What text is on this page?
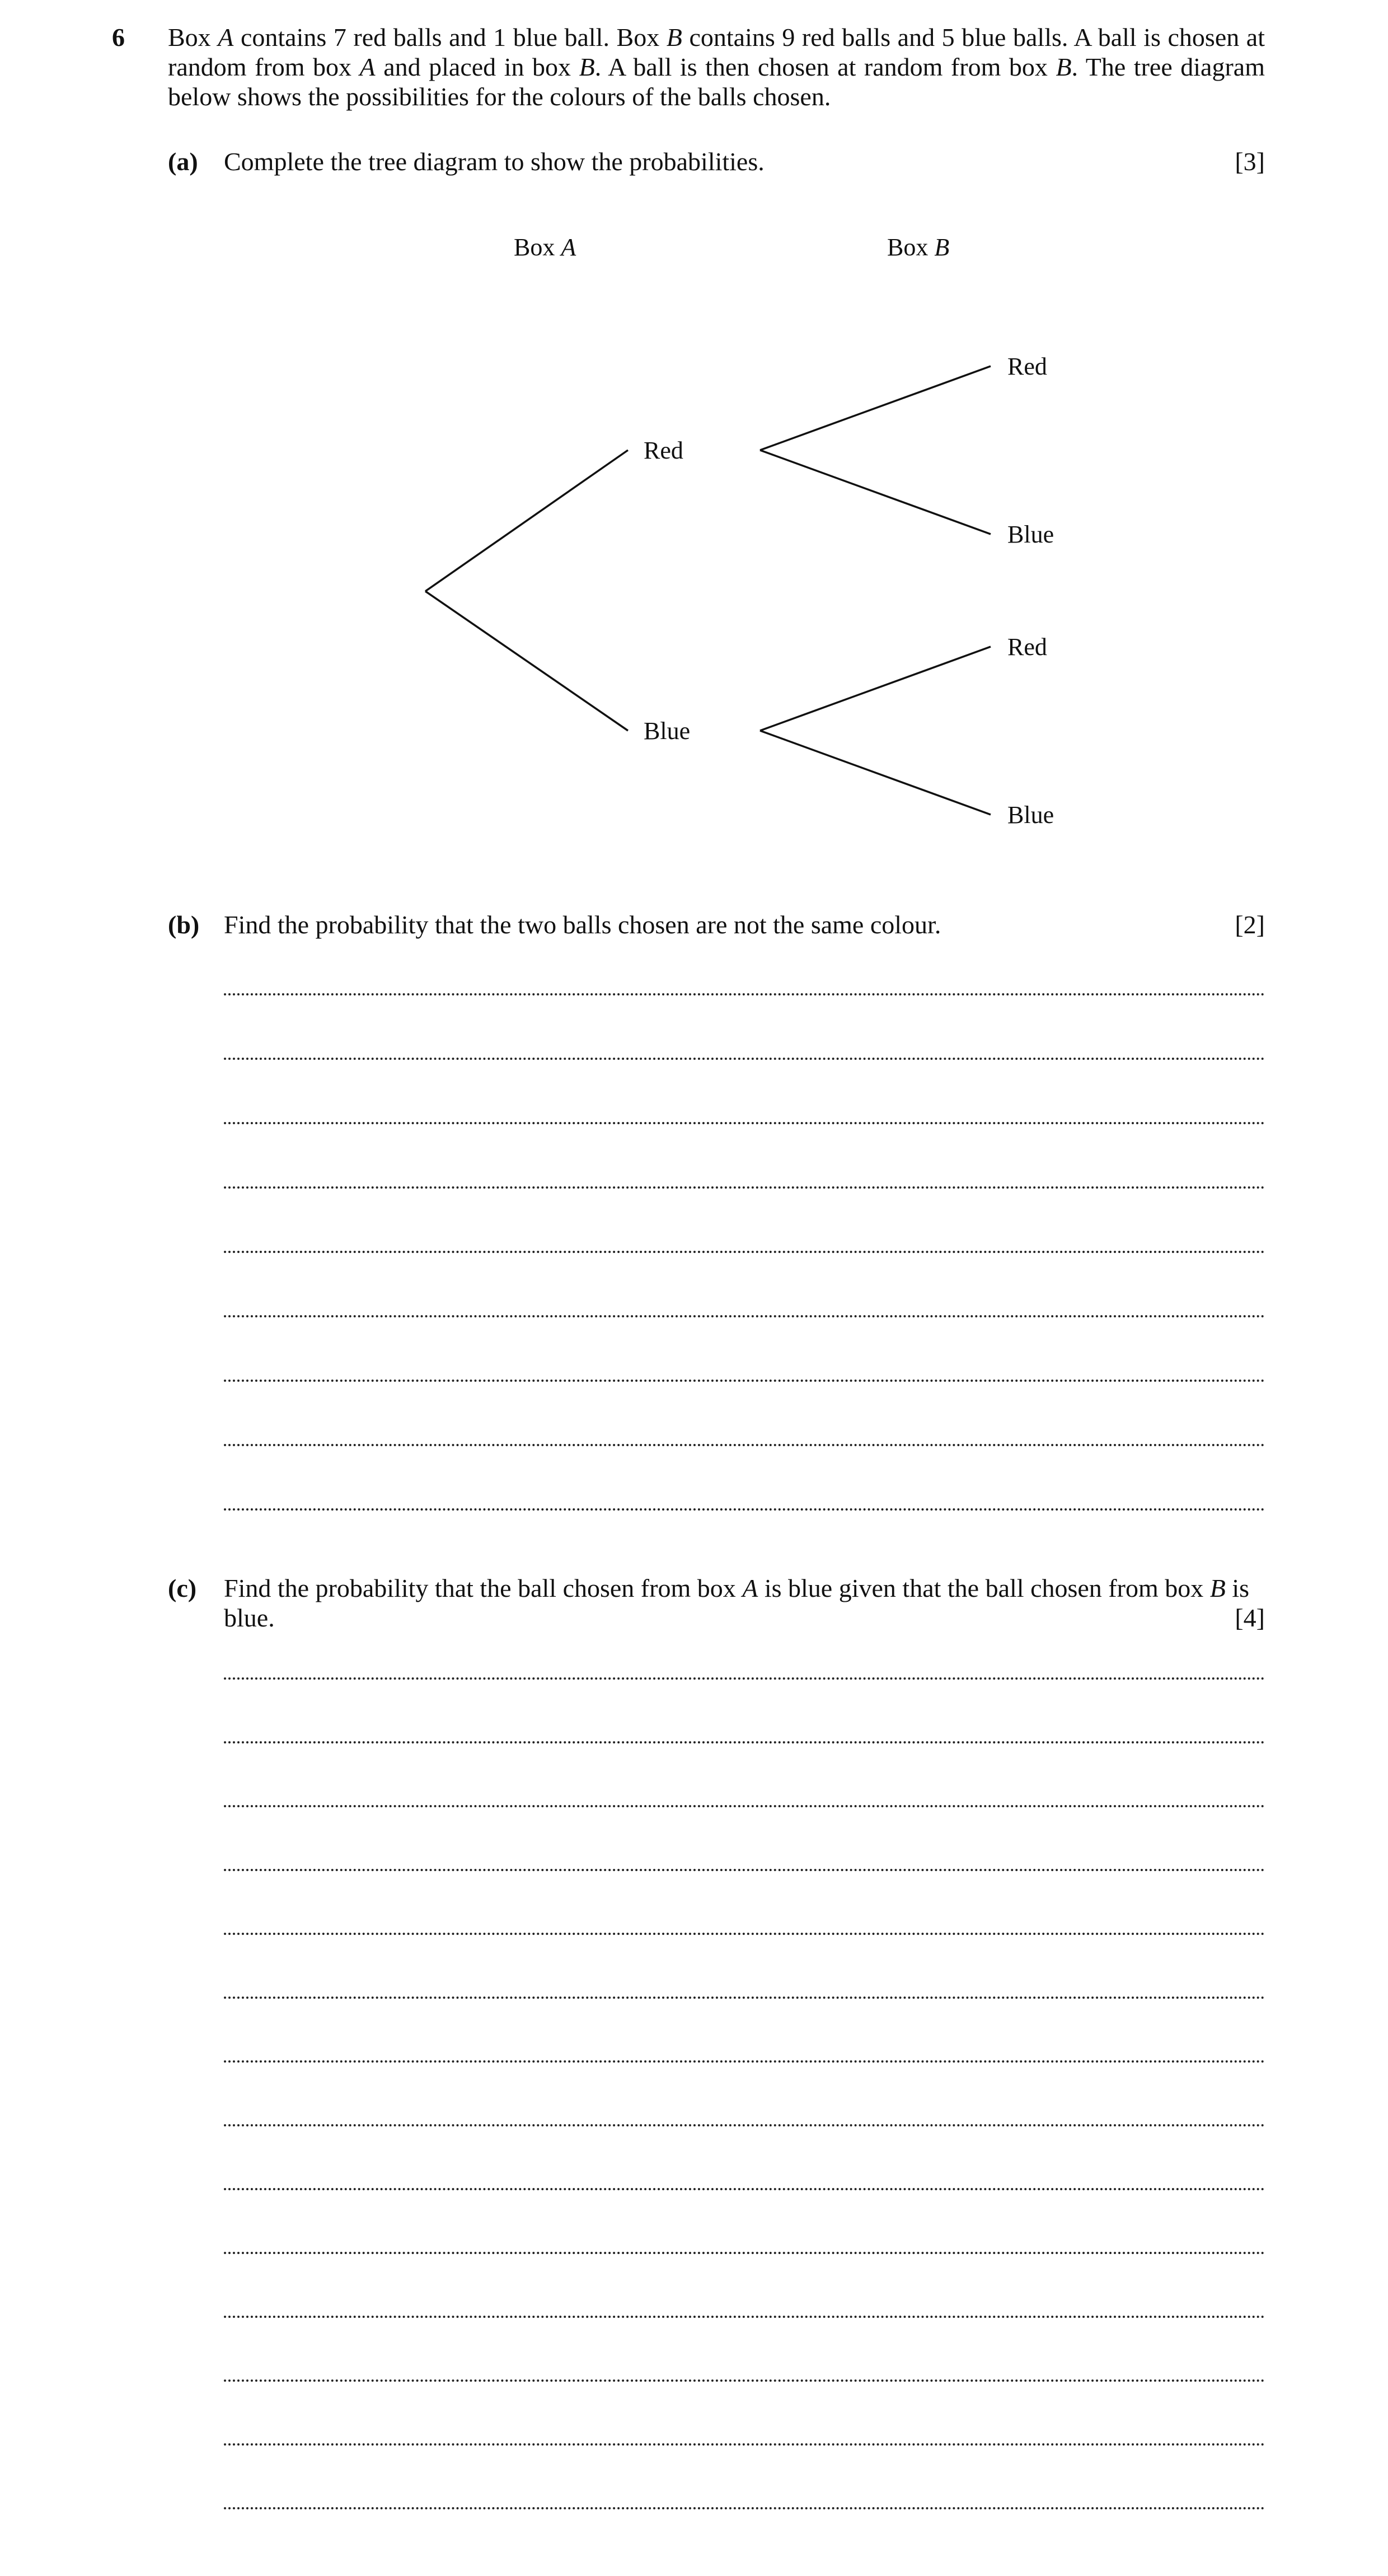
6 Box A contains 7 red balls and 1 blue ball. Box B contains 9 red balls and 5 blue balls. A ball is chosen at random from box A and placed in box B. A ball is then chosen at random from box B. The tree diagram below shows the possibilities for the colours of the balls chosen.
(a) Complete the tree diagram to show the probabilities.	[3]
Box A	Box B
Red
Blue
Red
Blue
Red
Blue
(b) Find the probability that the two balls chosen are not the same colour.	[2]
(c) Find the probability that the ball chosen from box A is blue given that the ball chosen from box B is blue.	[4]
